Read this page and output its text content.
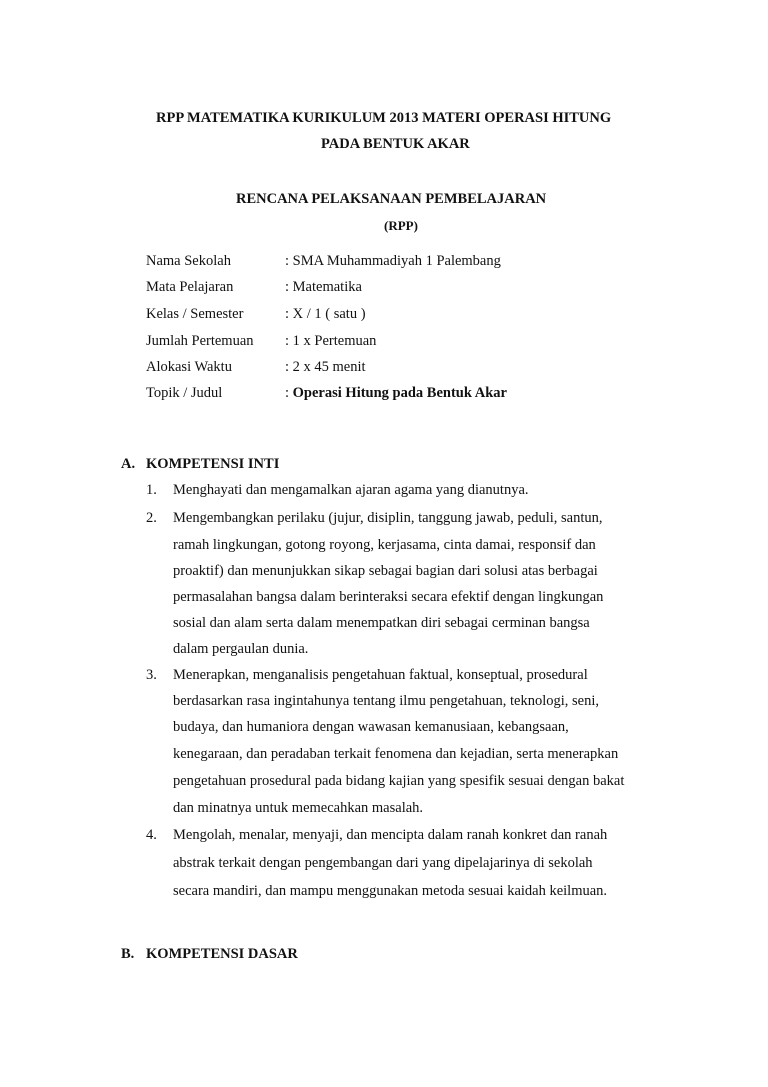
RPP MATEMATIKA KURIKULUM 2013 MATERI OPERASI HITUNG
PADA BENTUK AKAR
RENCANA PELAKSANAAN PEMBELAJARAN
(RPP)
Nama Sekolah	: SMA Muhammadiyah 1 Palembang
Mata Pelajaran	: Matematika
Kelas / Semester	: X / 1 ( satu )
Jumlah Pertemuan : 1 x Pertemuan
Alokasi Waktu	: 2 x 45 menit
Topik / Judul	: Operasi Hitung pada Bentuk Akar
A. KOMPETENSI INTI
1. Menghayati dan mengamalkan ajaran agama yang dianutnya.
2. Mengembangkan perilaku (jujur, disiplin, tanggung jawab, peduli, santun,
ramah lingkungan, gotong royong, kerjasama, cinta damai, responsif dan
proaktif) dan menunjukkan sikap sebagai bagian dari solusi atas berbagai
permasalahan bangsa dalam berinteraksi secara efektif dengan lingkungan
sosial dan alam serta dalam menempatkan diri sebagai cerminan bangsa
dalam pergaulan dunia.
3. Menerapkan, menganalisis pengetahuan faktual, konseptual, prosedural
berdasarkan rasa ingintahunya tentang ilmu pengetahuan, teknologi, seni,
budaya, dan humaniora dengan wawasan kemanusiaan, kebangsaan,
kenegaraan, dan peradaban terkait fenomena dan kejadian, serta menerapkan
pengetahuan prosedural pada bidang kajian yang spesifik sesuai dengan bakat
dan minatnya untuk memecahkan masalah.
4. Mengolah, menalar, menyaji, dan mencipta dalam ranah konkret dan ranah
abstrak terkait dengan pengembangan dari yang dipelajarinya di sekolah
secara mandiri, dan mampu menggunakan metoda sesuai kaidah keilmuan.
B. KOMPETENSI DASAR
